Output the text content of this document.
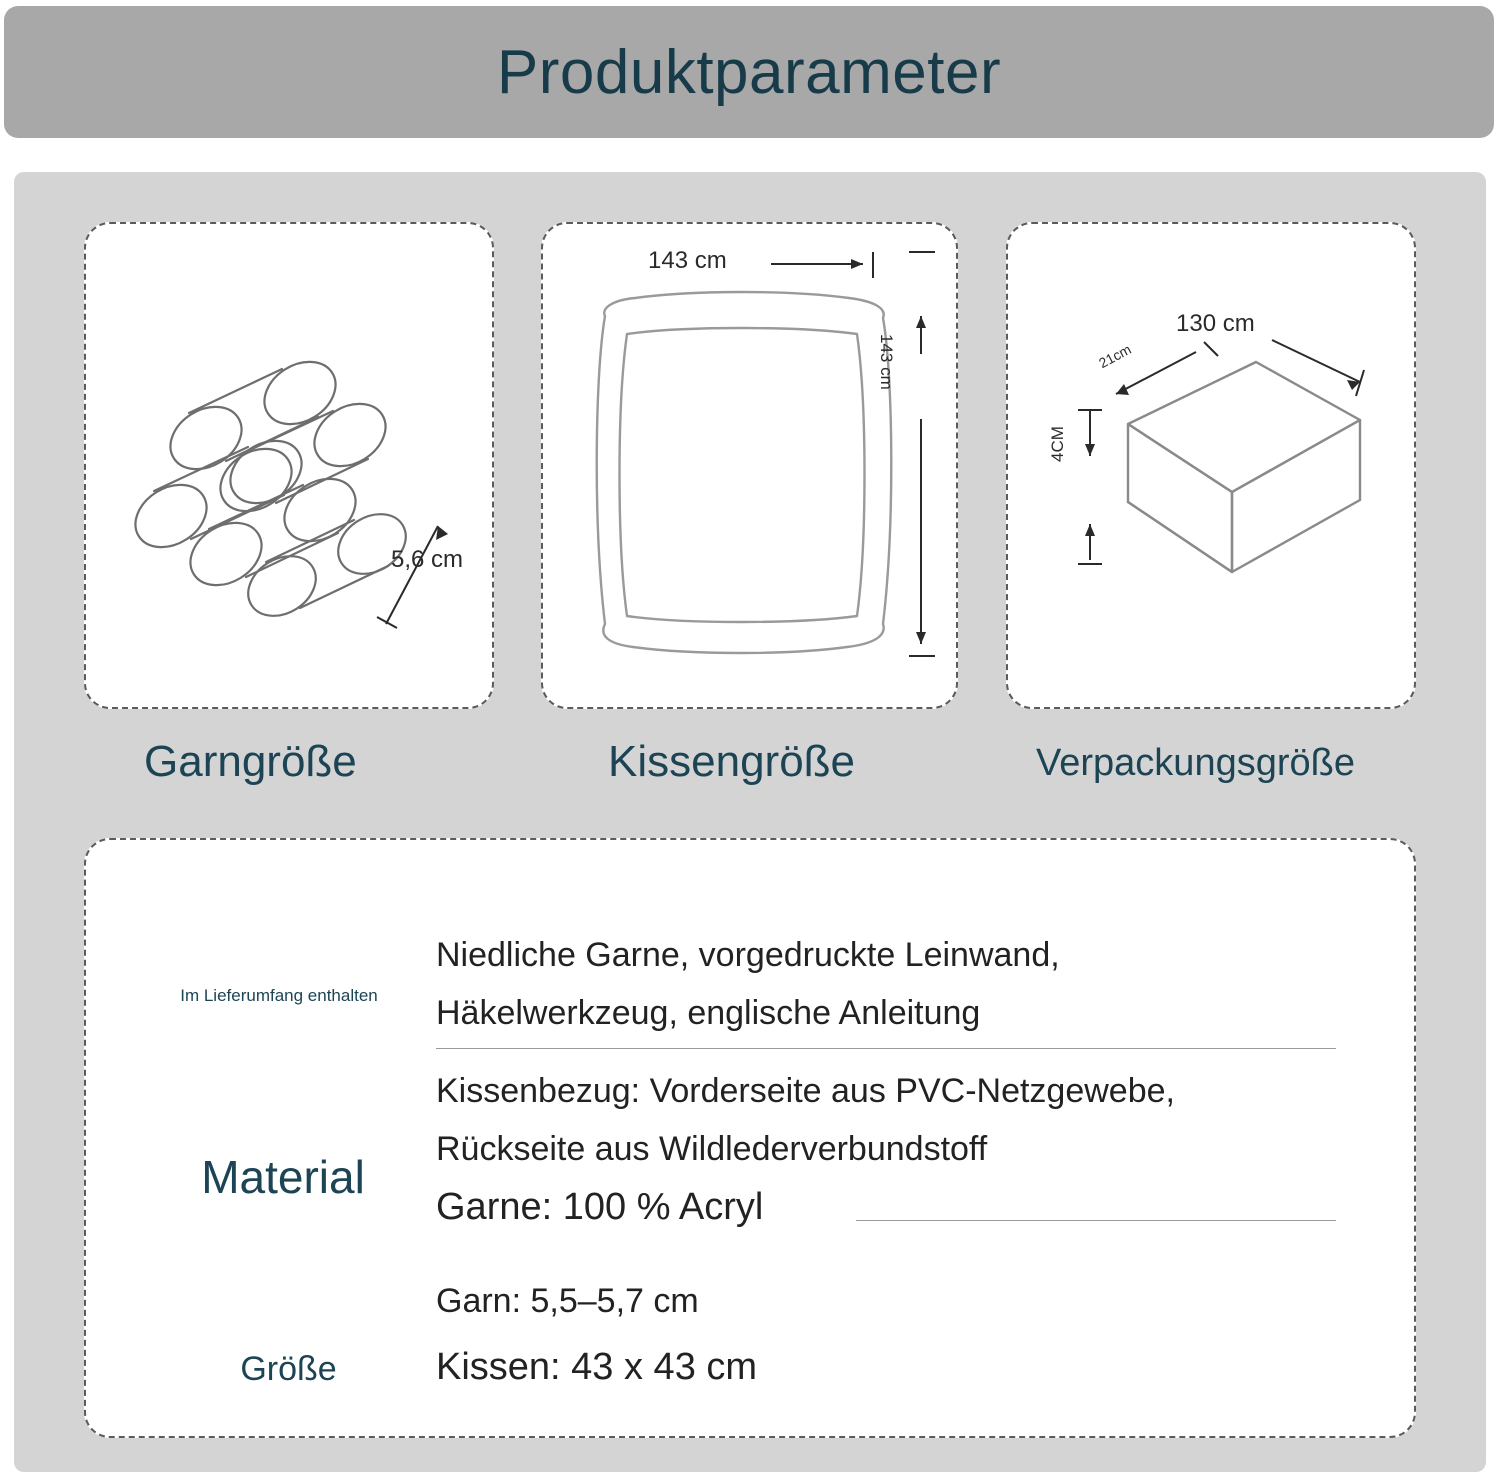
Produktparameter
5,6 cm
143 cm
143 cm
130 cm
21cm
4CM
Garngröße	Kissengröße	Verpackungsgröße
Im Lieferumfang enthalten
Niedliche Garne, vorgedruckte Leinwand,
Häkelwerkzeug, englische Anleitung
Material
Kissenbezug: Vorderseite aus PVC-Netzgewebe,
Rückseite aus Wildlederverbundstoff
Garne: 100 % Acryl
Größe
Garn: 5,5–5,7 cm
Kissen: 43 x 43 cm
